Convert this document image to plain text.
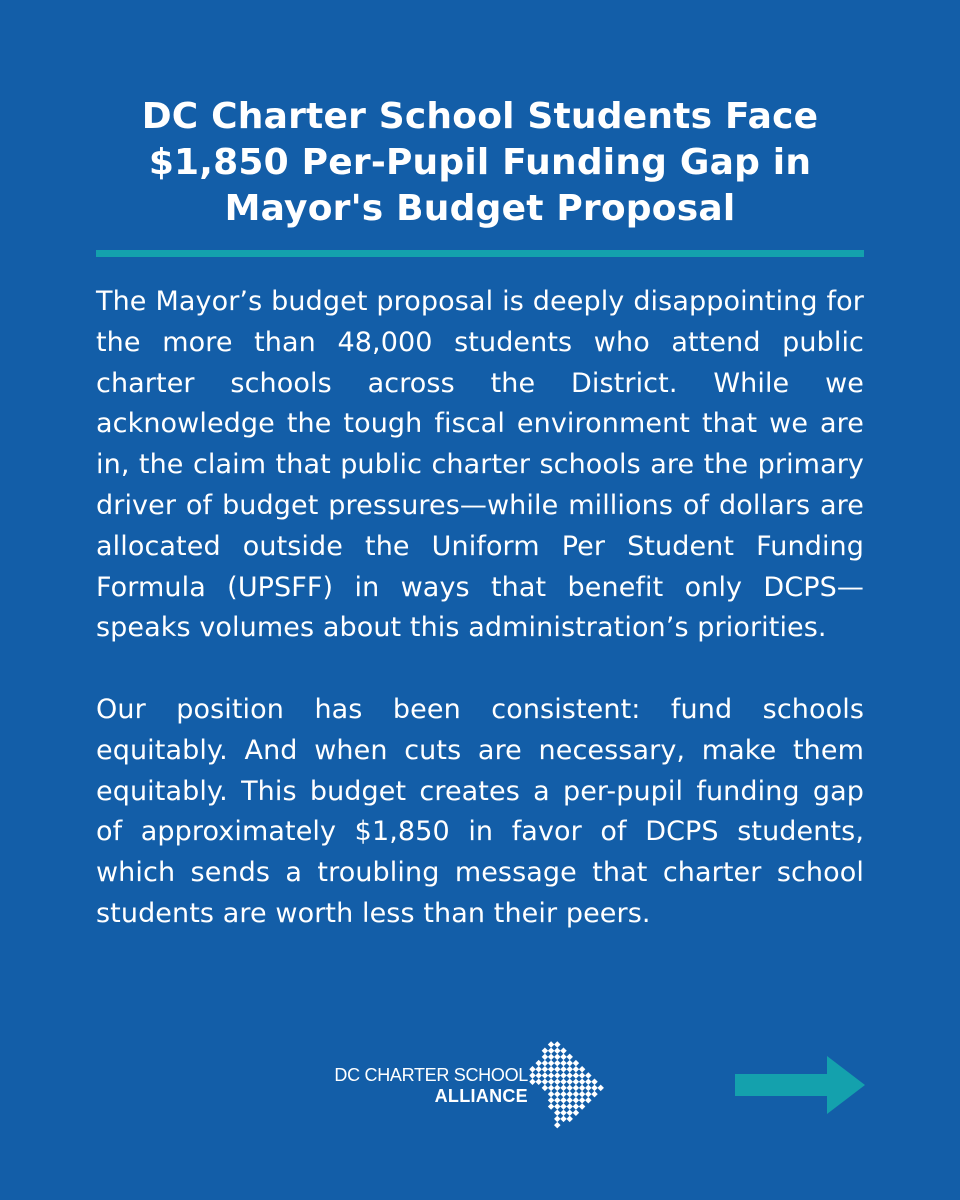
DC Charter School Students Face
$1,850 Per-Pupil Funding Gap in
Mayor's Budget Proposal

The Mayor’s budget proposal is deeply disappointing for the more than 48,000 students who attend public charter schools across the District. While we acknowledge the tough fiscal environment that we are in, the claim that public charter schools are the primary driver of budget pressures—while millions of dollars are allocated outside the Uniform Per Student Funding Formula (UPSFF) in ways that benefit only DCPS—speaks volumes about this administration’s priorities.

Our position has been consistent: fund schools equitably. And when cuts are necessary, make them equitably. This budget creates a per-pupil funding gap of approximately $1,850 in favor of DCPS students, which sends a troubling message that charter school students are worth less than their peers.

DC CHARTER SCHOOL
ALLIANCE
